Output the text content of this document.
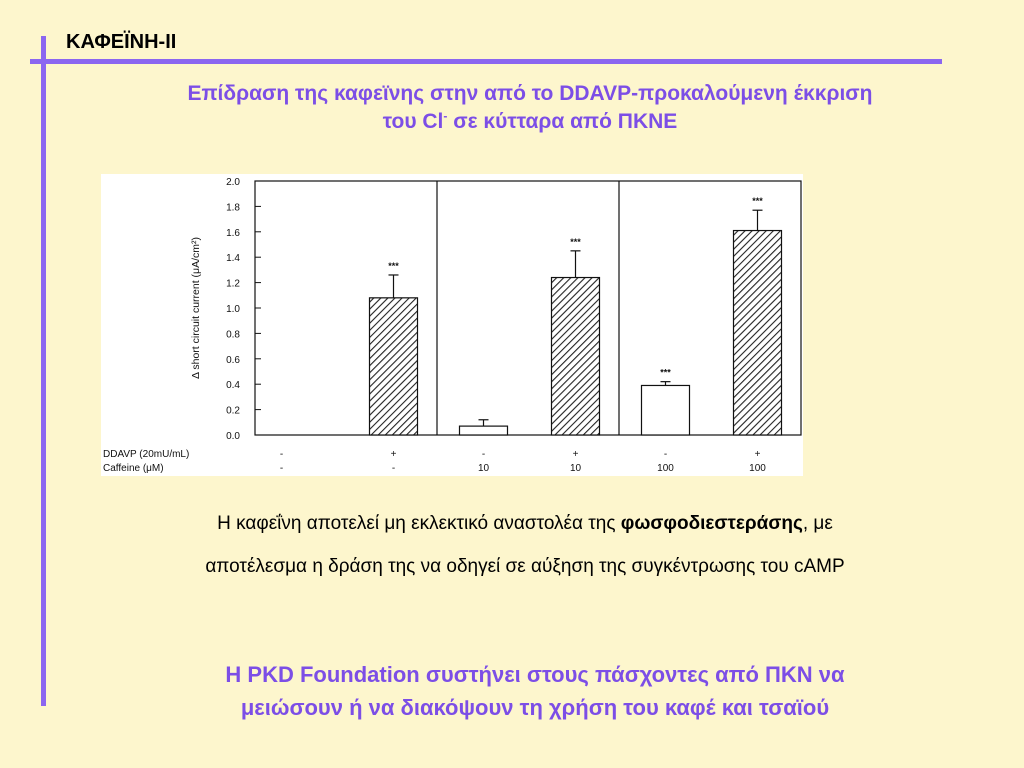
ΚΑΦΕΪΝΗ-ΙΙ
Επίδραση της καφεϊνης στην από το DDAVP-προκαλούμενη έκκριση
του Cl- σε κύτταρα από ΠΚΝΕ
0.0
0.2
0.4
0.6
0.8
1.0
1.2
1.4
1.6
1.8
2.0
Δ short circuit current (μA/cm²)	***
***
***
***
DDAVP (20mU/mL)
Caffeine (μM)
-
-
+
-
-
10
+
10
-
100
+
100
Η καφεΐνη αποτελεί μη εκλεκτικό αναστολέα της φωσφοδιεστεράσης, με
αποτέλεσμα η δράση της να οδηγεί σε αύξηση της συγκέντρωσης του cAMP
Η PKD Foundation συστήνει στους πάσχοντες από ΠΚΝ να
μειώσουν ή να διακόψουν τη χρήση του καφέ και τσαϊού
